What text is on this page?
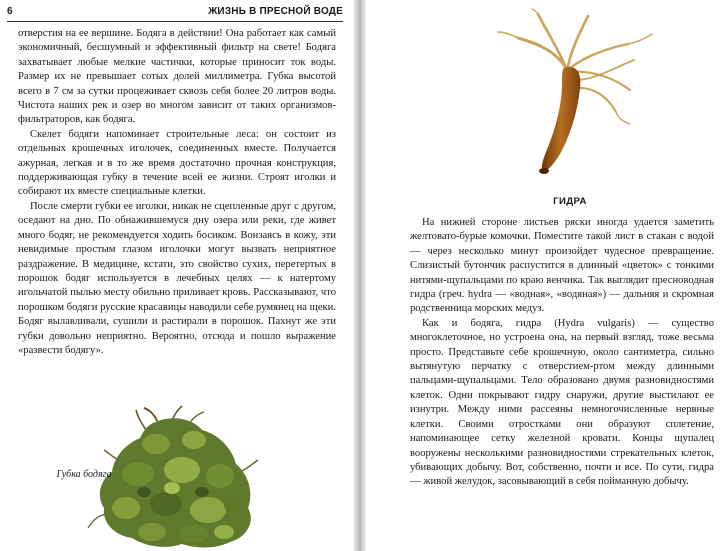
6	ЖИЗНЬ В ПРЕСНОЙ ВОДЕ

отверстия на ее вершине. Бодяга в действии! Она работает как самый экономичный, бесшумный и эффективный фильтр на свете! Бодяга захватывает любые мелкие частички, которые приносит ток воды. Размер их не превышает сотых долей миллиметра. Губка высотой всего в 7 см за сутки процеживает сквозь себя более 20 литров воды. Чистота наших рек и озер во многом зависит от таких организмов-фильтраторов, как бодяга.

Скелет бодяги напоминает строительные леса: он состоит из отдельных крошечных иголочек, соединенных вместе. Получается ажурная, легкая и в то же время достаточно прочная конструкция, поддерживающая губку в течение всей ее жизни. Строят иголки и собирают их вместе специальные клетки.

После смерти губки ее иголки, никак не сцепленные друг с другом, оседают на дно. По обнажившемуся дну озера или реки, где живет много бодяг, не рекомендуется ходить босиком. Вонзаясь в кожу, эти невидимые простым глазом иголочки могут вызвать неприятное раздражение. В медицине, кстати, это свойство сухих, перетертых в порошок бодяг используется в лечебных целях — к натертому игольчатой пылью месту обильно приливает кровь. Рассказывают, что порошком бодяги русские красавицы наводили себе румянец на щеки. Бодяг вылавливали, сушили и растирали в порошок. Пахнут же эти губки довольно неприятно. Вероятно, отсюда и пошло выражение «развести бодягу».

На нижней стороне листьев ряски иногда удается заметить желтовато-бурые комочки. Поместите такой лист в стакан с водой — через несколько минут произойдет чудесное превращение. Слизистый бутончик распустится в длинный «цветок» с тонкими нитями-щупальцами по краю венчика. Так выглядит пресноводная гидра (греч. hydra — «водная», «водяная») — дальняя и скромная родственница морских медуз.

Как и бодяга, гидра (Hydra vulgaris) — существо многоклеточное, но устроена она, на первый взгляд, тоже весьма просто. Представьте себе крошечную, около сантиметра, сильно вытянутую перчатку с отверстием-ртом между длинными пальцами-щупальцами. Тело образовано двумя разновидностями клеток. Одни покрывают гидру снаружи, другие выстилают ее изнутри. Между ними рассеяны немногочисленные нервные клетки. Своими отростками они образуют сплетение, напоминающее сетку железной кровати. Концы щупалец вооружены несколькими разновидностями стрекательных клеток, убивающих добычу. Вот, собственно, почти и все. По сути, гидра — живой желудок, засовывающий в себя пойманную добычу.

Губка бодяга
ГИДРА
